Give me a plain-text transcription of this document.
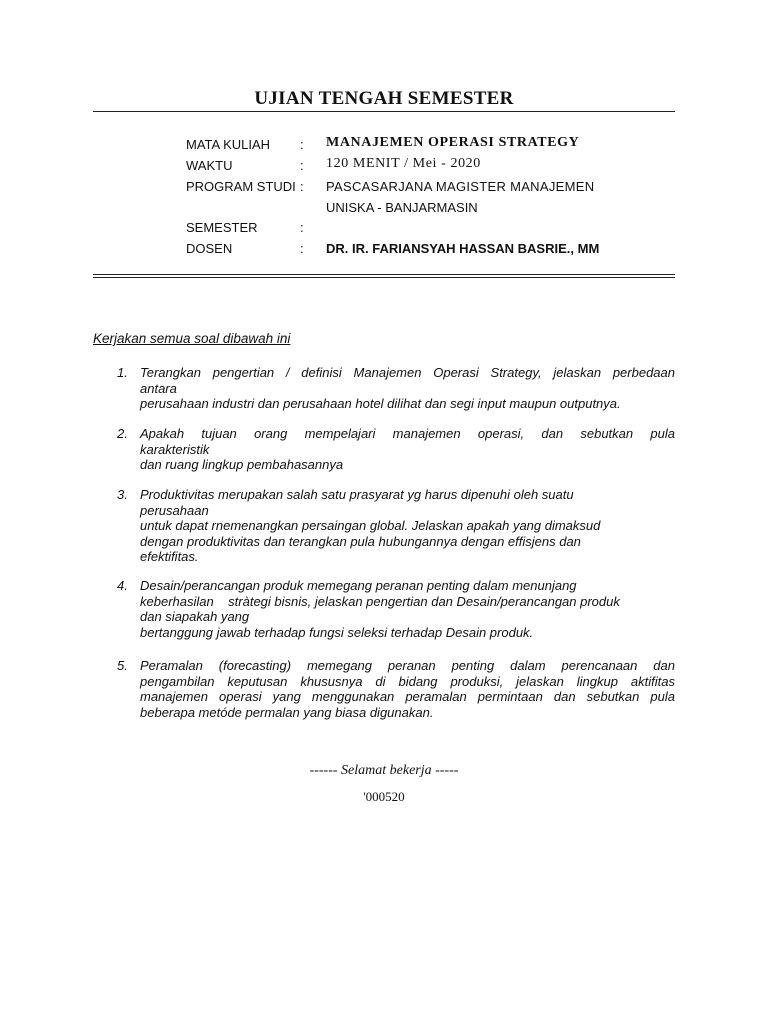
UJIAN TENGAH SEMESTER
MATA KULIAH : MANAJEMEN OPERASI STRATEGY
WAKTU	: 120 MENIT / Mei - 2020
PROGRAM STUDI : PASCASARJANA MAGISTER MANAJEMEN
UNISKA - BANJARMASIN
SEMESTER	:
DOSEN	: DR. IR. FARIANSYAH HASSAN BASRIE., MM
Kerjakan semua soal dibawah ini
1. Terangkan pengertian / definisi Manajemen Operasi Strategy, jelaskan perbedaan
antara
perusahaan industri dan perusahaan hotel dilihat dan segi input maupun outputnya.
2. Apakah tujuan orang mempelajari manajemen operasi, dan sebutkan pula
karakteristik
dan ruang lingkup pembahasannya
3. Produktivitas merupakan salah satu prasyarat yg harus dipenuhi oleh suatu
perusahaan
untuk dapat rnemenangkan persaingan global. Jelaskan apakah yang dimaksud
dengan produktivitas dan terangkan pula hubungannya dengan effisjens dan
efektifitas.
4. Desain/perancangan produk memegang peranan penting dalam menunjang
keberhasilan    stràtegi bisnis, jelaskan pengertian dan Desain/perancangan produk
dan siapakah yang
bertanggung jawab terhadap fungsi seleksi terhadap Desain produk.
5. Peramalan (forecasting) memegang peranan penting dalam perencanaan dan
pengambilan keputusan khususnya di bidang produksi, jelaskan lingkup aktifitas
manajemen operasi yang menggunakan peramalan permintaan dan sebutkan pula
beberapa metóde permalan yang biasa digunakan.
------ Selamat bekerja -----
'000520
